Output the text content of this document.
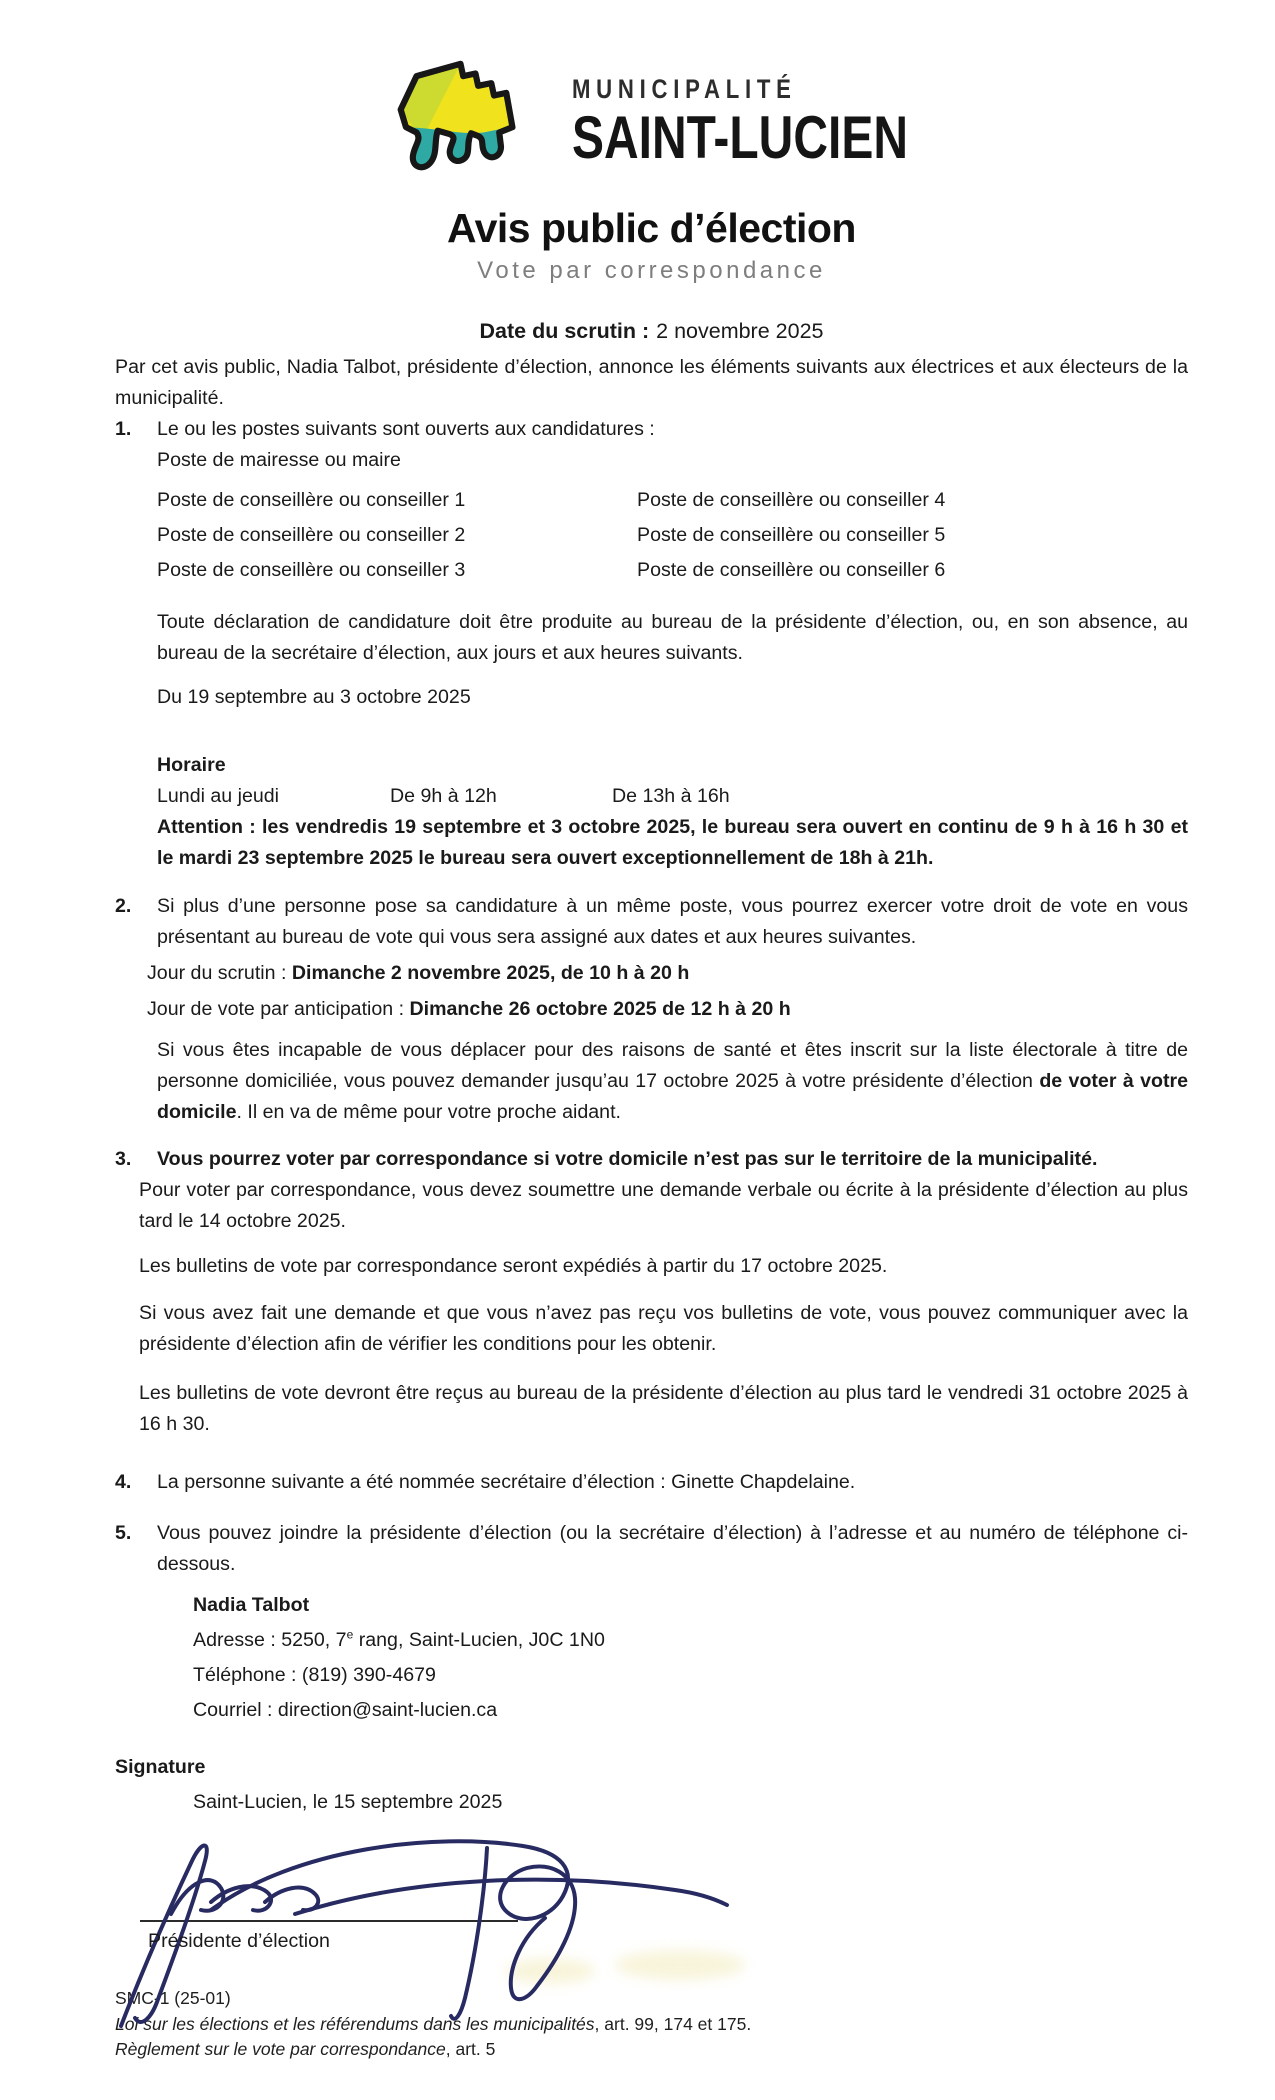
MUNICIPALITÉ
SAINT-LUCIEN
Avis public d’élection
Vote par correspondance
Date du scrutin : 2 novembre 2025

Par cet avis public, Nadia Talbot, présidente d’élection, annonce les éléments suivants aux électrices et aux électeurs de la municipalité.

1.	Le ou les postes suivants sont ouverts aux candidatures :
Poste de mairesse ou maire
Poste de conseillère ou conseiller 1	Poste de conseillère ou conseiller 4
Poste de conseillère ou conseiller 2	Poste de conseillère ou conseiller 5
Poste de conseillère ou conseiller 3	Poste de conseillère ou conseiller 6

Toute déclaration de candidature doit être produite au bureau de la présidente d’élection, ou, en son absence, au bureau de la secrétaire d’élection, aux jours et aux heures suivants.

Du 19 septembre au 3 octobre 2025
Horaire
Lundi au jeudi	De 9h à 12h	De 13h à 16h

Attention : les vendredis 19 septembre et 3 octobre 2025, le bureau sera ouvert en continu de 9 h à 16 h 30 et le mardi 23 septembre 2025 le bureau sera ouvert exceptionnellement de 18h à 21h.

2.	Si plus d’une personne pose sa candidature à un même poste, vous pourrez exercer votre droit de vote en vous présentant au bureau de vote qui vous sera assigné aux dates et aux heures suivantes.
Jour du scrutin : Dimanche 2 novembre 2025, de 10 h à 20 h
Jour de vote par anticipation : Dimanche 26 octobre 2025 de 12 h à 20 h

Si vous êtes incapable de vous déplacer pour des raisons de santé et êtes inscrit sur la liste électorale à titre de personne domiciliée, vous pouvez demander jusqu’au 17 octobre 2025 à votre présidente d’élection de voter à votre domicile. Il en va de même pour votre proche aidant.

3.	Vous pourrez voter par correspondance si votre domicile n’est pas sur le territoire de la municipalité.

Pour voter par correspondance, vous devez soumettre une demande verbale ou écrite à la présidente d’élection au plus tard le 14 octobre 2025.

Les bulletins de vote par correspondance seront expédiés à partir du 17 octobre 2025.

Si vous avez fait une demande et que vous n’avez pas reçu vos bulletins de vote, vous pouvez communiquer avec la présidente d’élection afin de vérifier les conditions pour les obtenir.

Les bulletins de vote devront être reçus au bureau de la présidente d’élection au plus tard le vendredi 31 octobre 2025 à 16 h 30.

4.	La personne suivante a été nommée secrétaire d’élection : Ginette Chapdelaine.
5.	Vous pouvez joindre la présidente d’élection (ou la secrétaire d’élection) à l’adresse et au numéro de téléphone ci-dessous.
Nadia Talbot
Adresse : 5250, 7e rang, Saint-Lucien, J0C 1N0
Téléphone : (819) 390-4679
Courriel : direction@saint-lucien.ca
Signature
Saint-Lucien, le 15 septembre 2025
Présidente d’élection
SMC-1 (25-01)
Loi sur les élections et les référendums dans les municipalités, art. 99, 174 et 175.
Règlement sur le vote par correspondance, art. 5
